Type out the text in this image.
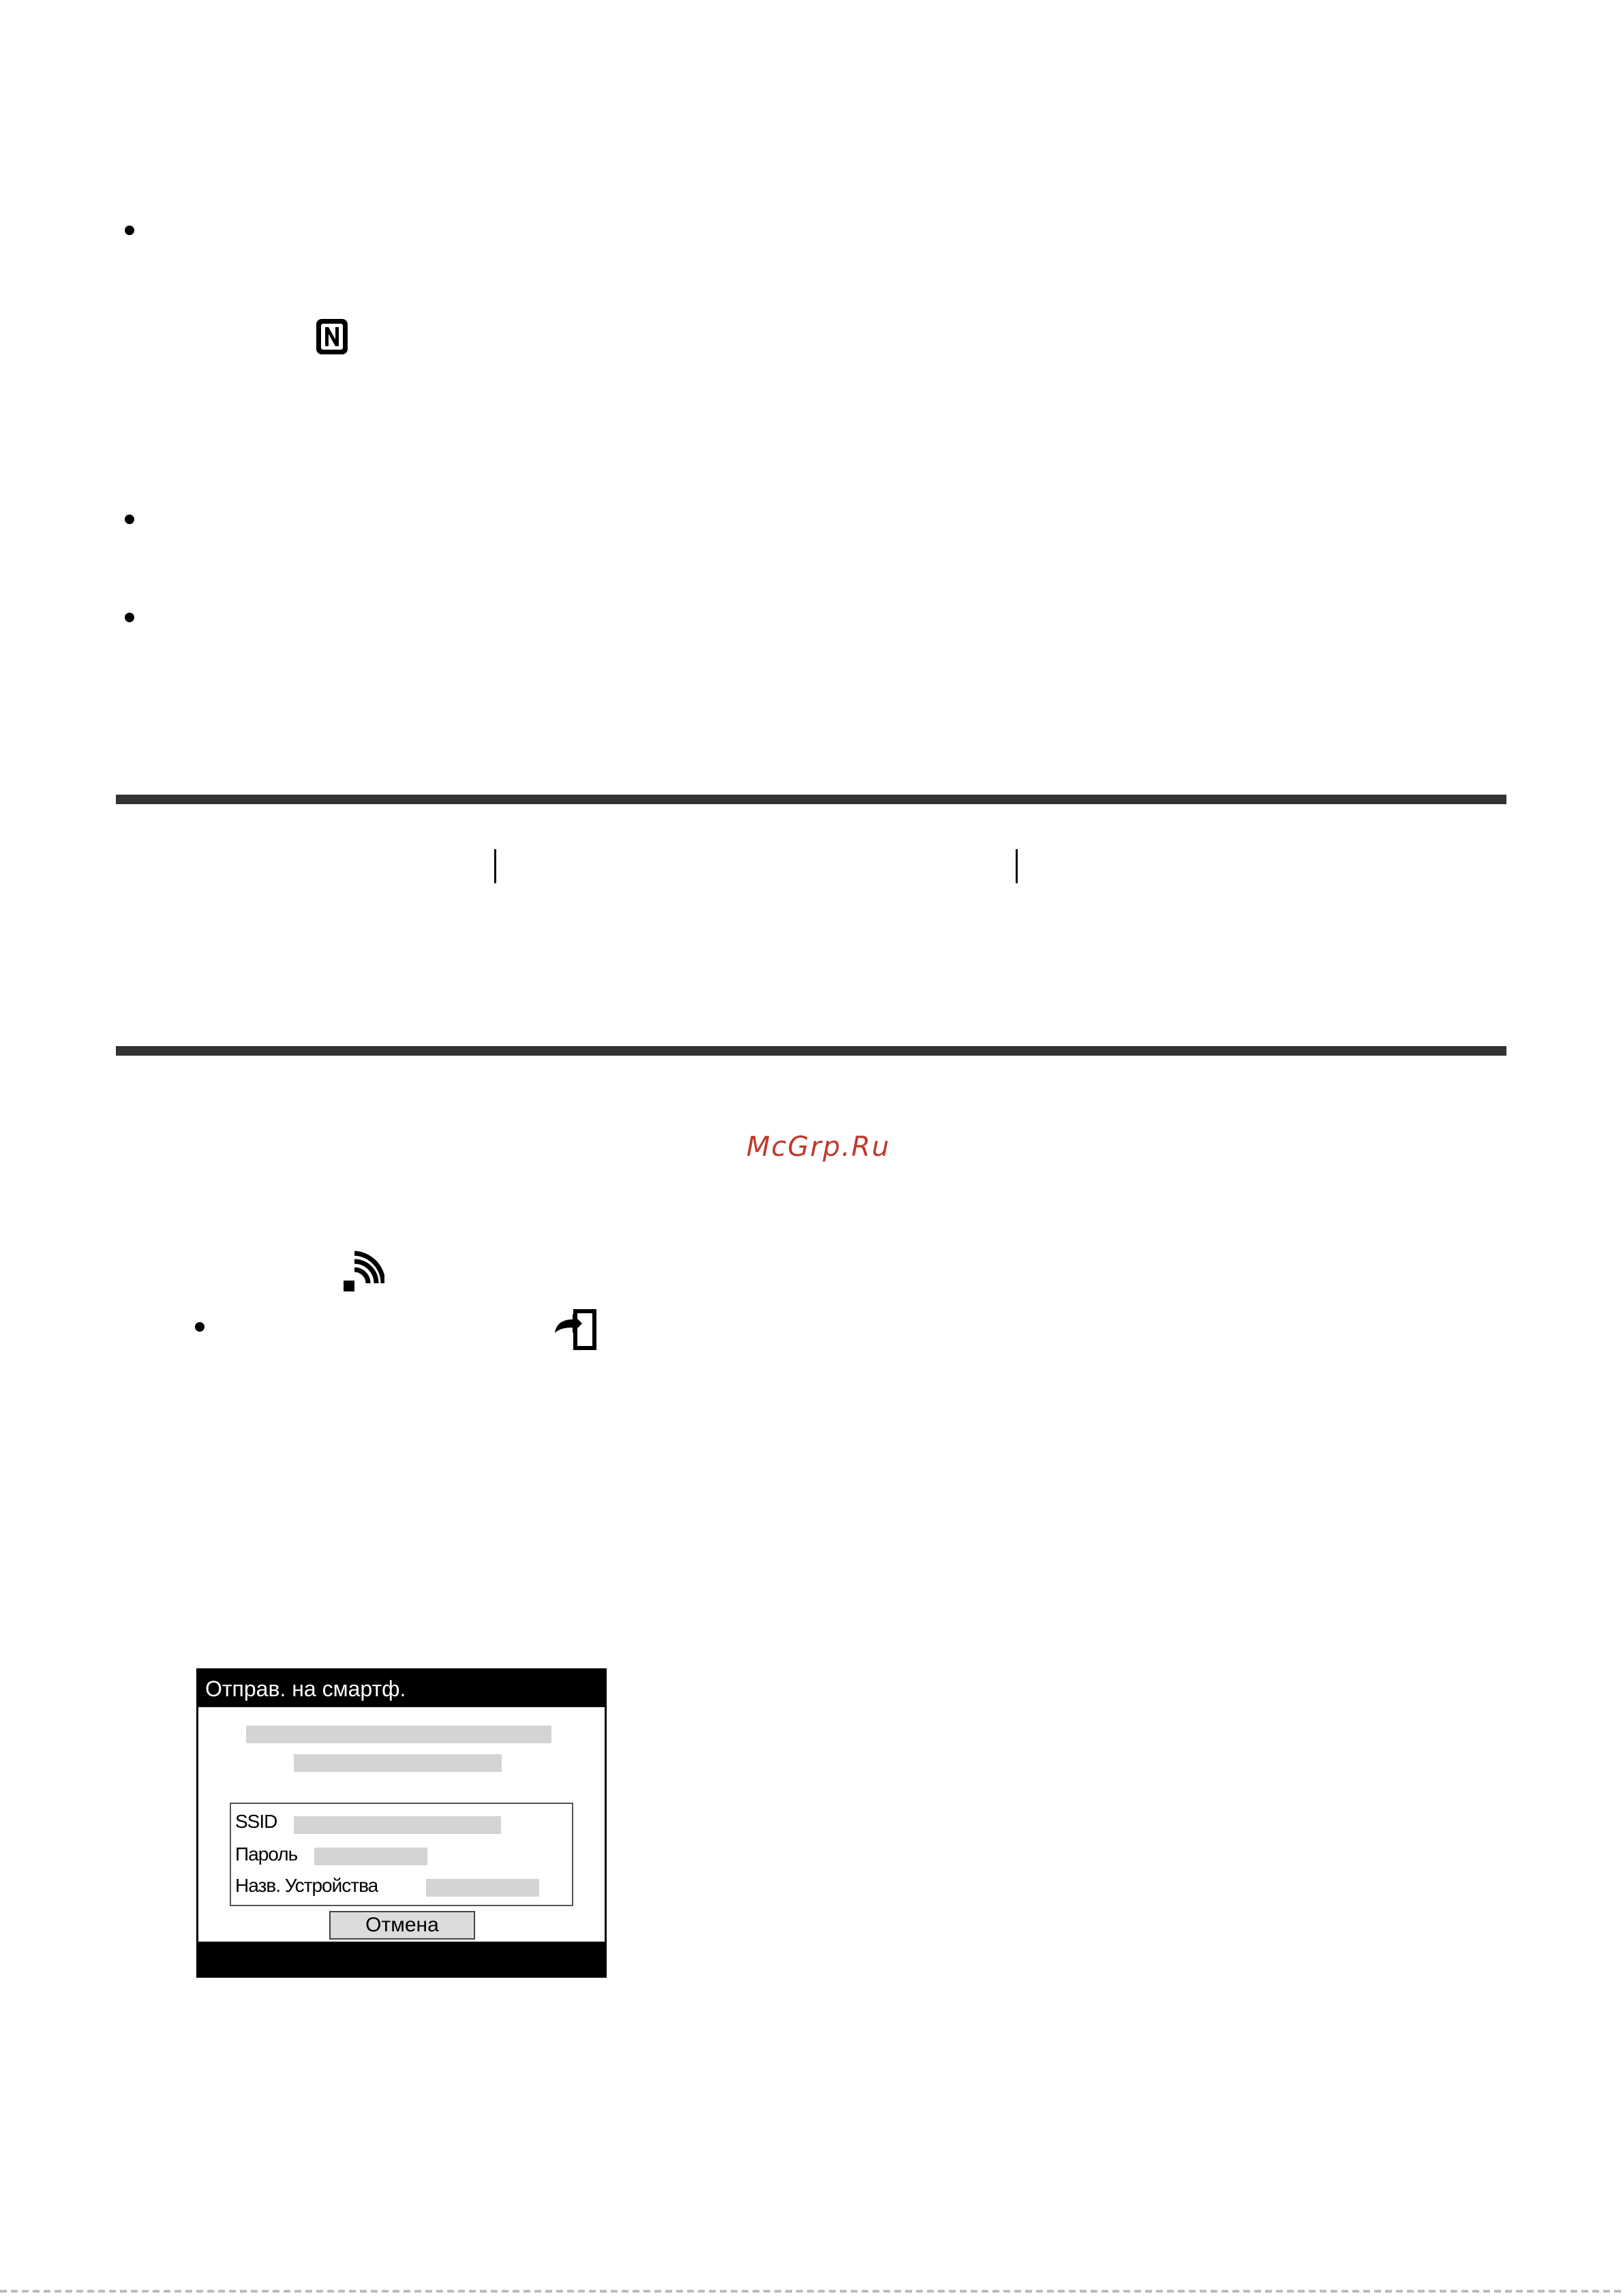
McGrp.Ru
Отправ. на смартф.
SSID
Пароль
Назв. Устройства
Отмена
